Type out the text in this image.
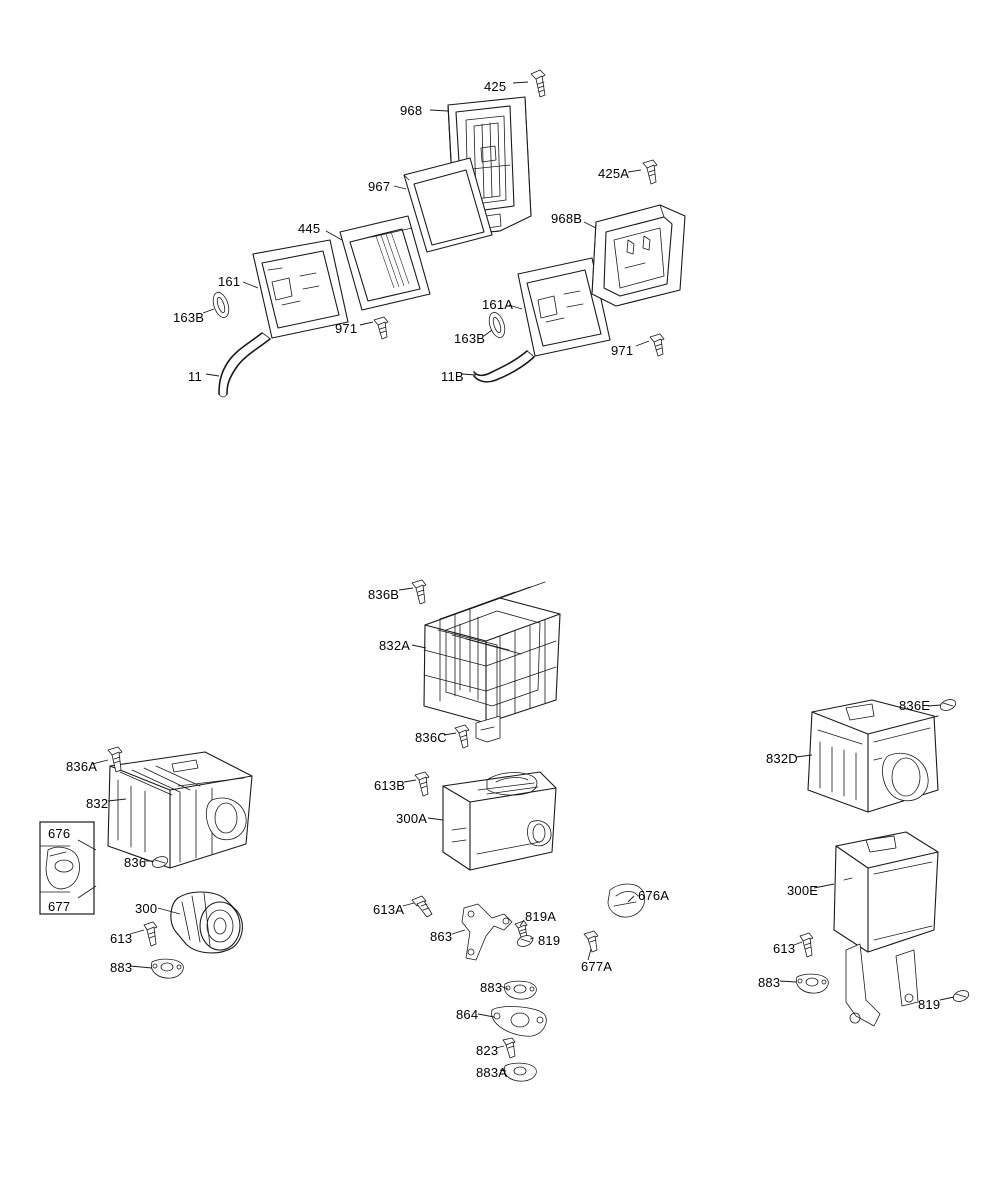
425
968
967
425A
968B
445
161
163B
971
161A
163B
971
11	11B
836B
832A
836C
613B
300A
613A
863
819A
819
676A
677A
883
864
823
883A
836A
832
676
836
677	300
613
883
836E
832D
300E
613
883
819
